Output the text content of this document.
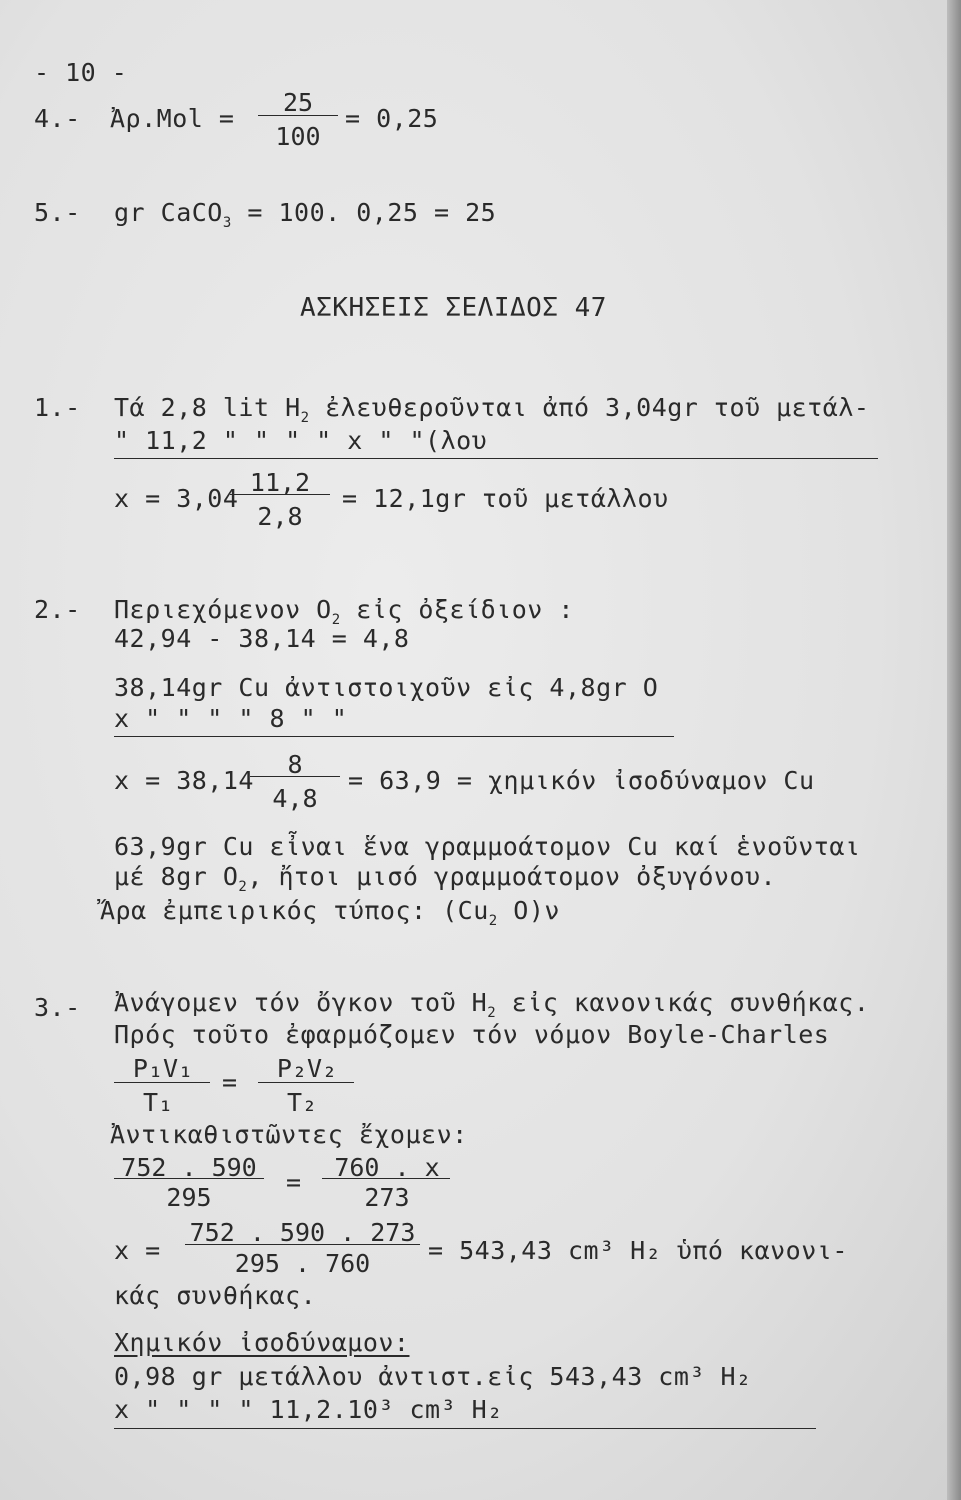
- 10 -
4.- Ἀρ.Mol =
25
100
= 0,25
5.- gr CaCO$_3$ = 100. 0,25 = 25
ΑΣΚΗΣΕΙΣ ΣΕΛΙΔΟΣ 47
1.- Τά 2,8 lit $H_2$ ἐλευθεροῦνται ἀπό 3,04gr τοῦ μετάλ-
" 11,2 " " " " x " "(λου
x = 3,04
11,2
2,8
= 12,1gr τοῦ μετάλλου
2.- Περιεχόμενον $O_2$ εἰς ὀξείδιον :
42,94 - 38,14 = 4,8
38,14gr Cu ἀντιστοιχοῦν εἰς 4,8gr O
x " " " " 8 " "
x = 38,14
8
4,8
= 63,9 = χημικόν ἰσοδύναμον Cu
63,9gr Cu εἶναι ἕνα γραμμοάτομον Cu καί ἑνοῦνται
μέ 8gr $O_2$, ἤτοι μισό γραμμοάτομον ὀξυγόνου.
Ἄρα ἐμπειρικός τύπος: ($Cu_2$ O)ν
3.- Ἀνάγομεν τόν ὄγκον τοῦ $H_2$ εἰς κανονικάς συνθήκας.
Πρός τοῦτο ἐφαρμόζομεν τόν νόμον Boyle-Charles
P₁V₁
T₁
=	P₂V₂
T₂
Ἀντικαθιστῶντες ἔχομεν:
752 . 590
295
=
760 . x
273
x =
752 . 590 . 273
295 . 760	= 543,43 cm³ H₂ ὑπό κανονι-
κάς συνθήκας.
Χημικόν ἰσοδύναμον:
0,98 gr μετάλλου ἀντιστ.εἰς 543,43 cm³ H₂
x " " " " 11,2.10³ cm³ H₂
